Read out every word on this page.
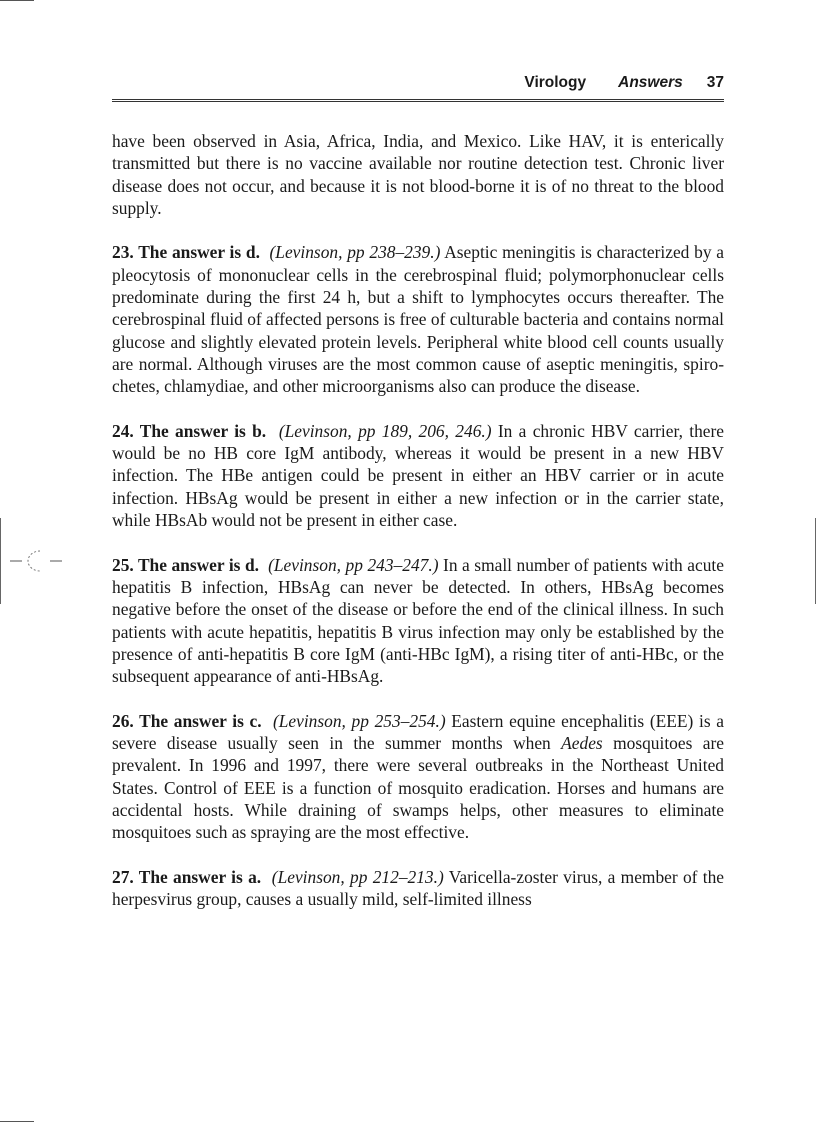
Virology Answers 37

have been observed in Asia, Africa, India, and Mexico. Like HAV, it is enterically transmitted but there is no vaccine available nor routine detection test. Chronic liver disease does not occur, and because it is not blood-borne it is of no threat to the blood supply.

23. The answer is d. (Levinson, pp 238–239.) Aseptic meningitis is characterized by a pleocytosis of mononuclear cells in the cerebrospinal fluid; polymorphonuclear cells predominate during the first 24 h, but a shift to lymphocytes occurs thereafter. The cerebrospinal fluid of affected persons is free of culturable bacteria and contains normal glucose and slightly elevated protein levels. Peripheral white blood cell counts usually are normal. Although viruses are the most common cause of aseptic meningitis, spirochetes, chlamydiae, and other microorganisms also can produce the disease.

24. The answer is b. (Levinson, pp 189, 206, 246.) In a chronic HBV carrier, there would be no HB core IgM antibody, whereas it would be present in a new HBV infection. The HBe antigen could be present in either an HBV carrier or in acute infection. HBsAg would be present in either a new infection or in the carrier state, while HBsAb would not be present in either case.

25. The answer is d. (Levinson, pp 243–247.) In a small number of patients with acute hepatitis B infection, HBsAg can never be detected. In others, HBsAg becomes negative before the onset of the disease or before the end of the clinical illness. In such patients with acute hepatitis, hepatitis B virus infection may only be established by the presence of anti-hepatitis B core IgM (anti-HBc IgM), a rising titer of anti-HBc, or the subsequent appearance of anti-HBsAg.

26. The answer is c. (Levinson, pp 253–254.) Eastern equine encephalitis (EEE) is a severe disease usually seen in the summer months when Aedes mosquitoes are prevalent. In 1996 and 1997, there were several outbreaks in the Northeast United States. Control of EEE is a function of mosquito eradication. Horses and humans are accidental hosts. While draining of swamps helps, other measures to eliminate mosquitoes such as spraying are the most effective.

27. The answer is a. (Levinson, pp 212–213.) Varicella-zoster virus, a member of the herpesvirus group, causes a usually mild, self-limited illness
